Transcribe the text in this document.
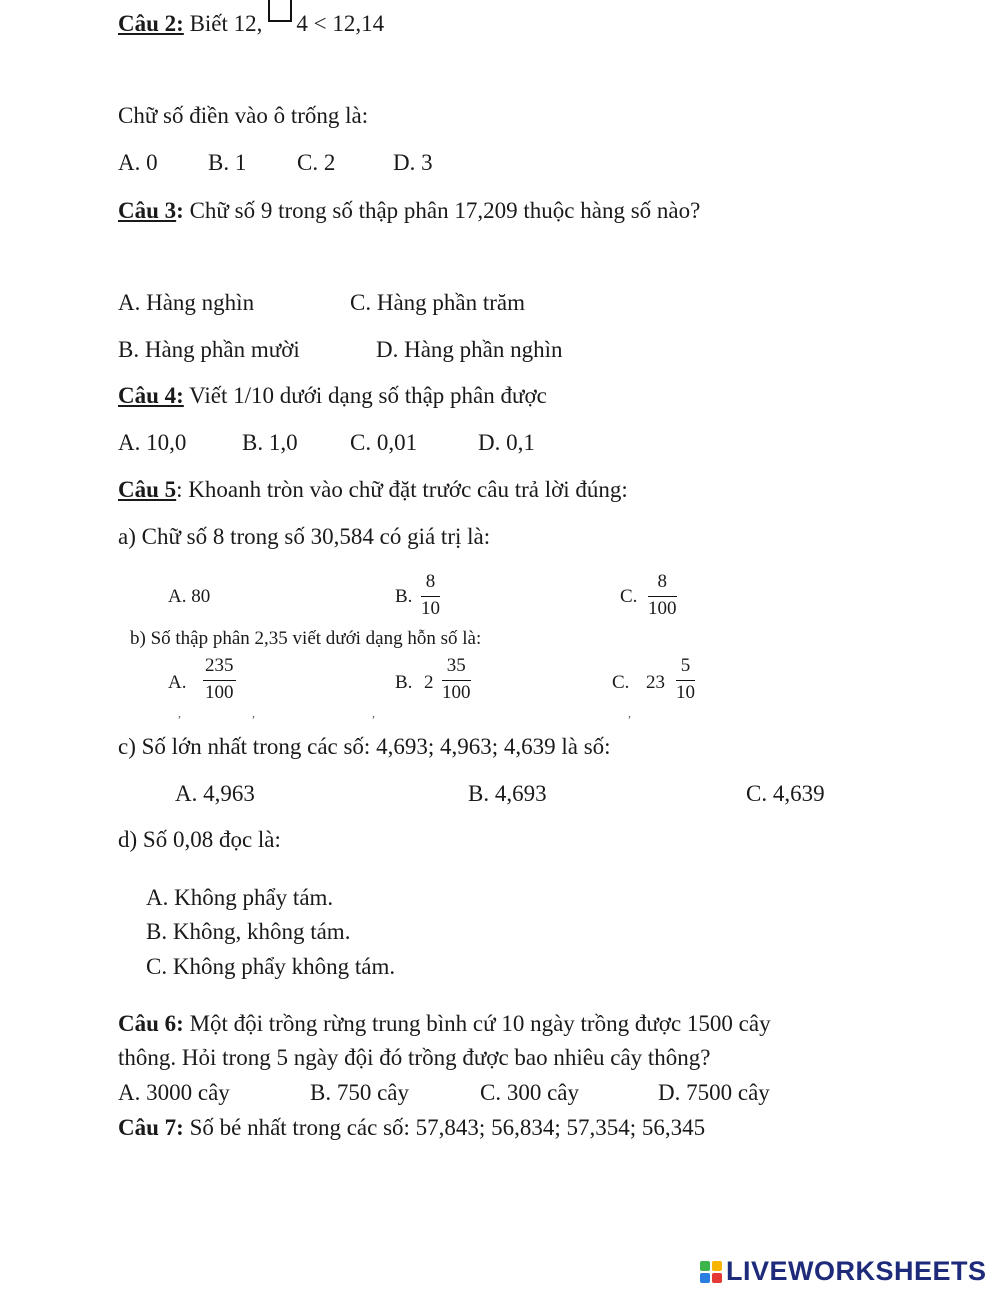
Câu 2: Biết 12, 4 < 12,14
Chữ số điền vào ô trống là:
A. 0 B. 1 C. 2	D. 3
Câu 3: Chữ số 9 trong số thập phân 17,209 thuộc hàng số nào?
A. Hàng nghìn	C. Hàng phần trăm
B. Hàng phần mười	D. Hàng phần nghìn
Câu 4: Viết 1/10 dưới dạng số thập phân được
A. 10,0 B. 1,0 C. 0,01	D. 0,1
Câu 5: Khoanh tròn vào chữ đặt trước câu trả lời đúng:
a) Chữ số 8 trong số 30,584 có giá trị là:
A. 80	B.
8
10
C.
8
100
b) Số thập phân 2,35 viết dưới dạng hỗn số là:
A.
235
100	B. 2
35
100	C. 23
5
10
,	,	,	,
c) Số lớn nhất trong các số: 4,693; 4,963; 4,639 là số:
A. 4,963	B. 4,693	C. 4,639
d) Số 0,08 đọc là:
A. Không phẩy tám.
B. Không, không tám.
C. Không phẩy không tám.
Câu 6: Một đội trồng rừng trung bình cứ 10 ngày trồng được 1500 cây
thông. Hỏi trong 5 ngày đội đó trồng được bao nhiêu cây thông?
A. 3000 cây	B. 750 cây	C. 300 cây	D. 7500 cây
Câu 7: Số bé nhất trong các số: 57,843; 56,834; 57,354; 56,345
LIVEWORKSHEETS
